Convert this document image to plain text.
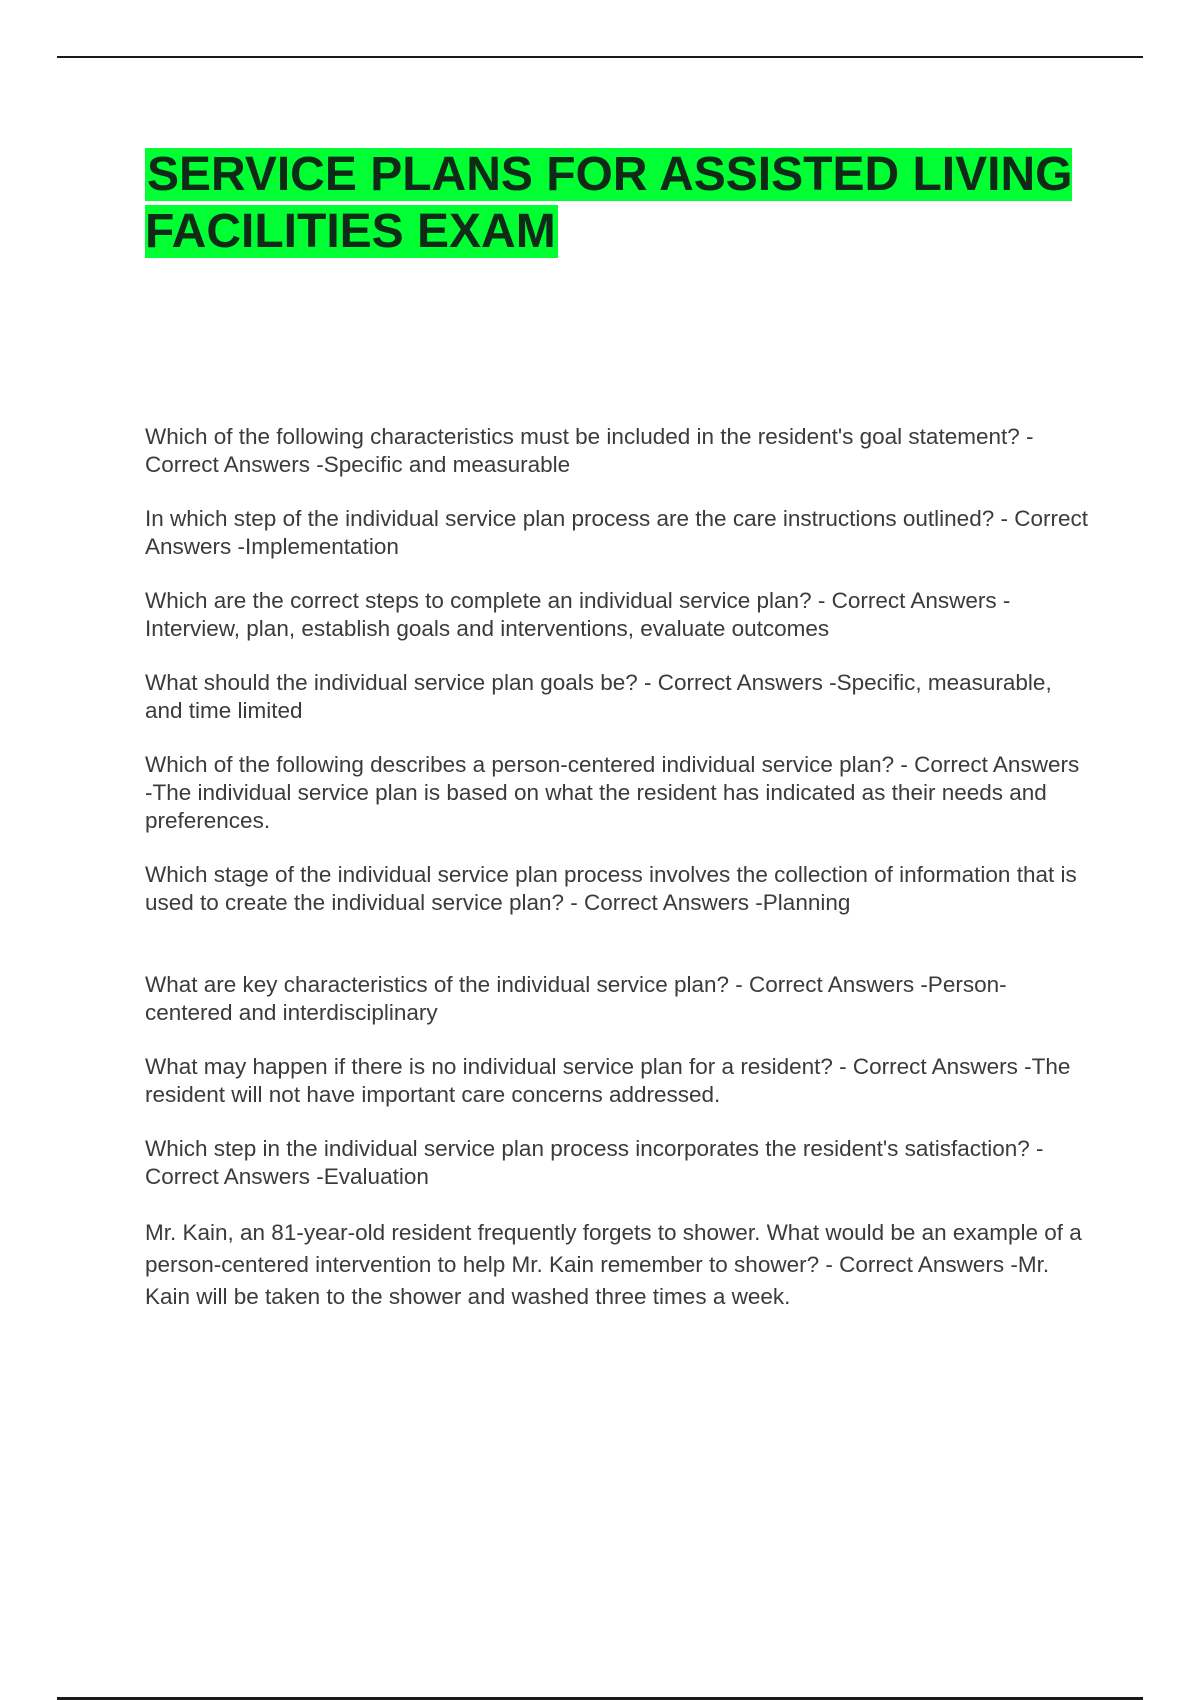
SERVICE PLANS FOR ASSISTED LIVING FACILITIES EXAM

Which of the following characteristics must be included in the resident's goal statement? - Correct Answers -Specific and measurable

In which step of the individual service plan process are the care instructions outlined? - Correct Answers -Implementation

Which are the correct steps to complete an individual service plan? - Correct Answers - Interview, plan, establish goals and interventions, evaluate outcomes

What should the individual service plan goals be? - Correct Answers -Specific, measurable, and time limited

Which of the following describes a person-centered individual service plan? - Correct Answers -The individual service plan is based on what the resident has indicated as their needs and preferences.

Which stage of the individual service plan process involves the collection of information that is used to create the individual service plan? - Correct Answers -Planning

What are key characteristics of the individual service plan? - Correct Answers -Person-centered and interdisciplinary

What may happen if there is no individual service plan for a resident? - Correct Answers -The resident will not have important care concerns addressed.

Which step in the individual service plan process incorporates the resident's satisfaction? - Correct Answers -Evaluation

Mr. Kain, an 81-year-old resident frequently forgets to shower. What would be an example of a person-centered intervention to help Mr. Kain remember to shower? - Correct Answers -Mr. Kain will be taken to the shower and washed three times a week.
